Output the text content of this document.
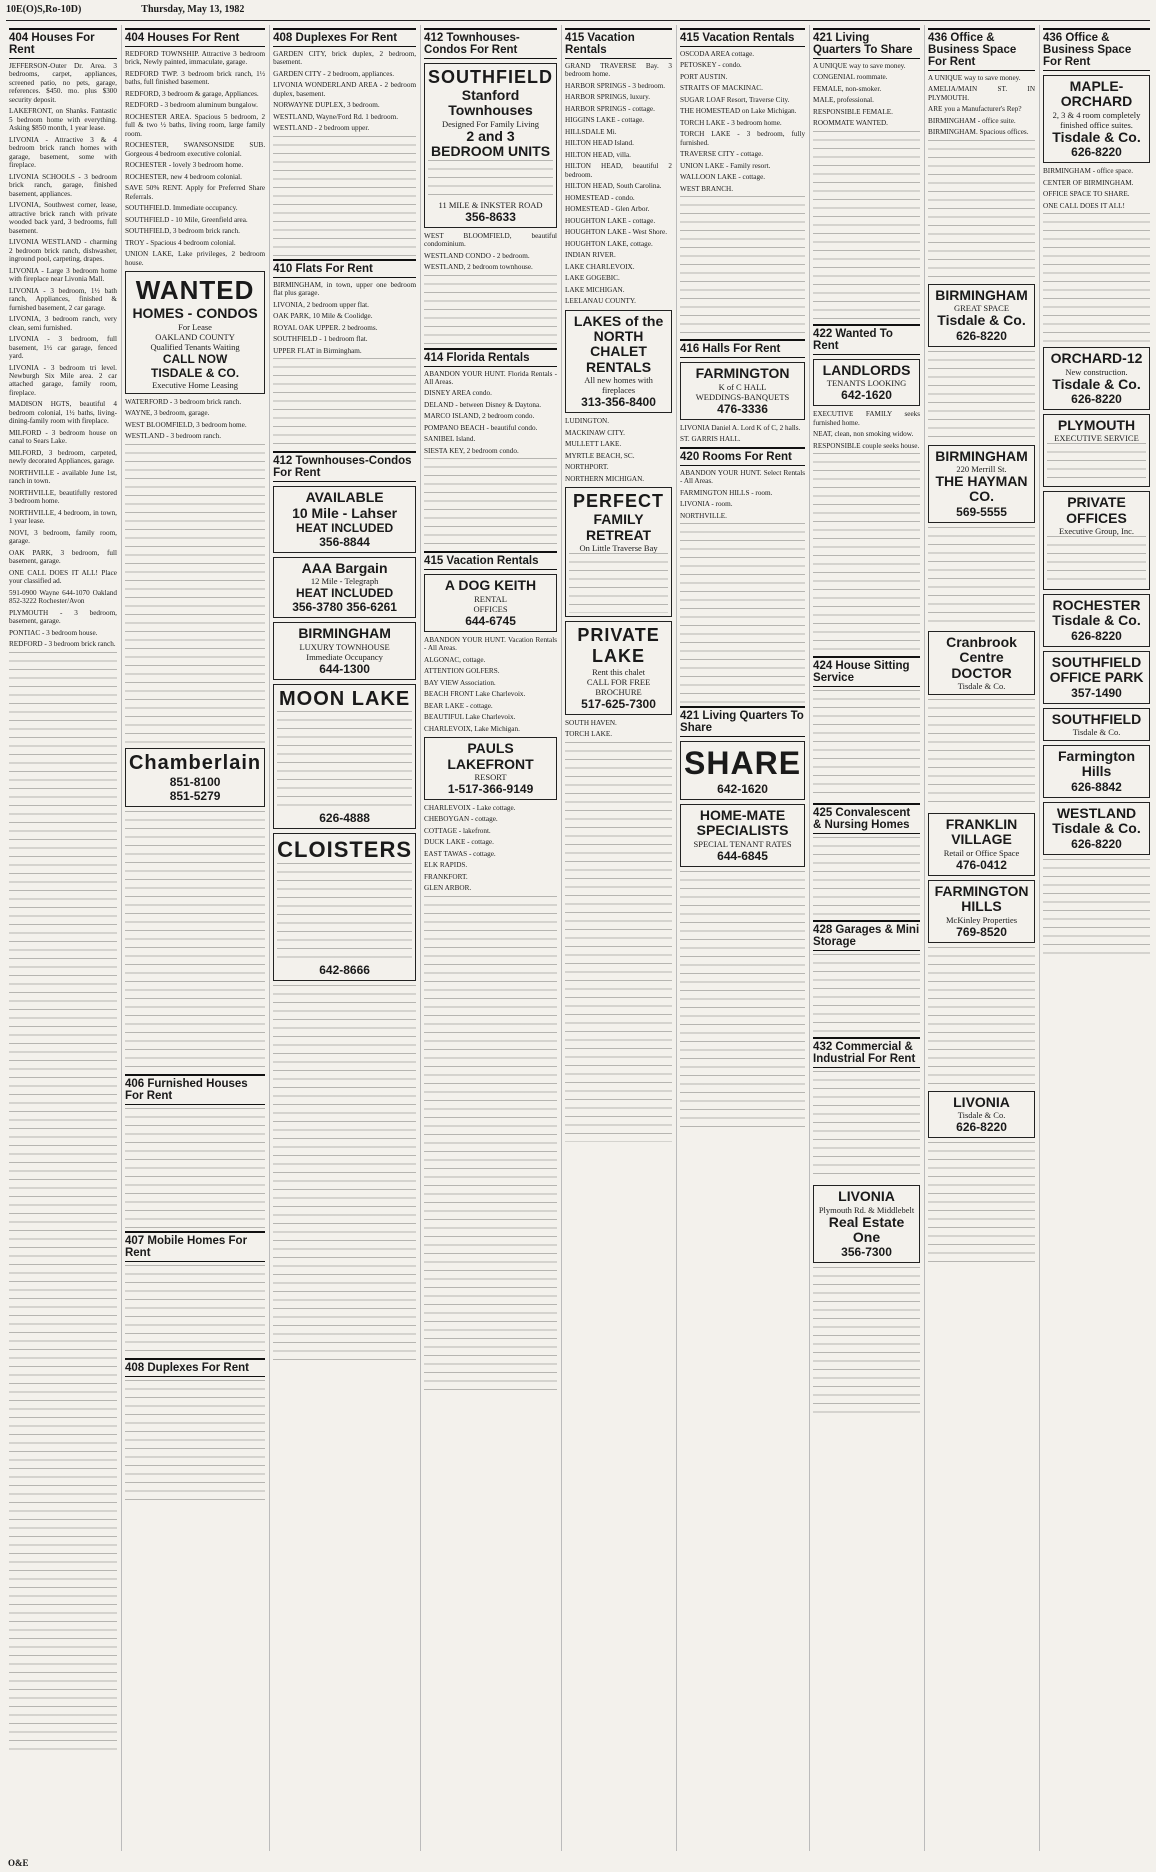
10E(O)S,Ro-10D)	Thursday, May 13, 1982
404 Houses For Rent

JEFFERSON-Outer Dr. Area. 3 bedrooms, carpet, appliances, screened patio, no pets, garage, references. $450. mo. plus $300 security deposit.

LAKEFRONT, on Shanks. Fantastic 5 bedroom home with everything. Asking $850 month, 1 year lease.

LIVONIA - Attractive 3 & 4 bedroom brick ranch homes with garage, basement, some with fireplace.

LIVONIA SCHOOLS - 3 bedroom brick ranch, garage, finished basement, appliances.

LIVONIA, Southwest corner, lease, attractive brick ranch with private wooded back yard, 3 bedrooms, full basement.

LIVONIA WESTLAND - charming 2 bedroom brick ranch, dishwasher, inground pool, carpeting, drapes.

LIVONIA - Large 3 bedroom home with fireplace near Livonia Mall.

LIVONIA - 3 bedroom, 1½ bath ranch, Appliances, finished & furnished basement, 2 car garage.

LIVONIA, 3 bedroom ranch, very clean, semi furnished.

LIVONIA - 3 bedroom, full basement, 1½ car garage, fenced yard.

LIVONIA - 3 bedroom tri level. Newburgh Six Mile area. 2 car attached garage, family room, fireplace.

MADISON HGTS, beautiful 4 bedroom colonial, 1½ baths, living-dining-family room with fireplace.

MILFORD - 3 bedroom house on canal to Sears Lake.

MILFORD, 3 bedroom, carpeted, newly decorated Appliances, garage.

NORTHVILLE - available June 1st, ranch in town.

NORTHVILLE, beautifully restored 3 bedroom home.

NORTHVILLE, 4 bedroom, in town, 1 year lease.

NOVI, 3 bedroom, family room, garage.

OAK PARK, 3 bedroom, full basement, garage.

ONE CALL DOES IT ALL! Place your classified ad.

591-0900 Wayne 644-1070 Oakland 852-3222 Rochester/Avon

PLYMOUTH - 3 bedroom, basement, garage.

PONTIAC - 3 bedroom house.

REDFORD - 3 bedroom brick ranch.

404 Houses For Rent

REDFORD TOWNSHIP. Attractive 3 bedroom brick, Newly painted, immaculate, garage.

REDFORD TWP. 3 bedroom brick ranch, 1½ baths, full finished basement.

REDFORD, 3 bedroom & garage, Appliances.

REDFORD - 3 bedroom aluminum bungalow.

ROCHESTER AREA. Spacious 5 bedroom, 2 full & two ½ baths, living room, large family room.

ROCHESTER, SWANSONSIDE SUB. Gorgeous 4 bedroom executive colonial.

ROCHESTER - lovely 3 bedroom home.

ROCHESTER, new 4 bedroom colonial.

SAVE 50% RENT. Apply for Preferred Share Referrals.

SOUTHFIELD. Immediate occupancy.

SOUTHFIELD - 10 Mile, Greenfield area.

SOUTHFIELD, 3 bedroom brick ranch.

TROY - Spacious 4 bedroom colonial.

UNION LAKE, Lake privileges, 2 bedroom house.

WANTED
HOMES - CONDOS
For Lease
OAKLAND COUNTY
Qualified Tenants Waiting
CALL NOW
TISDALE & CO.
Executive Home Leasing

WATERFORD - 3 bedroom brick ranch.

WAYNE, 3 bedroom, garage.

WEST BLOOMFIELD, 3 bedroom home.

WESTLAND - 3 bedroom ranch.

Chamberlain
851-8100
851-5279
406 Furnished Houses For Rent
407 Mobile Homes For Rent
408 Duplexes For Rent
408 Duplexes For Rent

GARDEN CITY, brick duplex, 2 bedroom, basement.

GARDEN CITY - 2 bedroom, appliances.

LIVONIA WONDERLAND AREA - 2 bedroom duplex, basement.

NORWAYNE DUPLEX, 3 bedroom.

WESTLAND, Wayne/Ford Rd. 1 bedroom.

WESTLAND - 2 bedroom upper.

410 Flats For Rent

BIRMINGHAM, in town, upper one bedroom flat plus garage.

LIVONIA, 2 bedroom upper flat.

OAK PARK, 10 Mile & Coolidge.

ROYAL OAK UPPER. 2 bedrooms.

SOUTHFIELD - 1 bedroom flat.

UPPER FLAT in Birmingham.

412 Townhouses-Condos For Rent
AVAILABLE
10 Mile - Lahser
HEAT INCLUDED
356-8844
AAA Bargain
12 Mile - Telegraph
HEAT INCLUDED
356-3780 356-6261
BIRMINGHAM
LUXURY TOWNHOUSE
Immediate Occupancy
644-1300
MOON LAKE
626-4888
CLOISTERS
642-8666
412 Townhouses-Condos For Rent
SOUTHFIELD
Stanford Townhouses
Designed For Family Living
2 and 3 BEDROOM UNITS
11 MILE & INKSTER ROAD
356-8633

WEST BLOOMFIELD, beautiful condominium.

WESTLAND CONDO - 2 bedroom.

WESTLAND, 2 bedroom townhouse.

414 Florida Rentals

ABANDON YOUR HUNT. Florida Rentals - All Areas.

DISNEY AREA condo.

DELAND - between Disney & Daytona.

MARCO ISLAND, 2 bedroom condo.

POMPANO BEACH - beautiful condo.

SANIBEL Island.

SIESTA KEY, 2 bedroom condo.

415 Vacation Rentals
A DOG KEITH
RENTAL
OFFICES
644-6745

ABANDON YOUR HUNT. Vacation Rentals - All Areas.

ALGONAC, cottage.

ATTENTION GOLFERS.

BAY VIEW Association.

BEACH FRONT Lake Charlevoix.

BEAR LAKE - cottage.

BEAUTIFUL Lake Charlevoix.

CHARLEVOIX, Lake Michigan.

PAULS LAKEFRONT
RESORT
1-517-366-9149

CHARLEVOIX - Lake cottage.

CHEBOYGAN - cottage.

COTTAGE - lakefront.

DUCK LAKE - cottage.

EAST TAWAS - cottage.

ELK RAPIDS.

FRANKFORT.

GLEN ARBOR.

415 Vacation Rentals

GRAND TRAVERSE Bay. 3 bedroom home.

HARBOR SPRINGS - 3 bedroom.

HARBOR SPRINGS, luxury.

HARBOR SPRINGS - cottage.

HIGGINS LAKE - cottage.

HILLSDALE Mi.

HILTON HEAD Island.

HILTON HEAD, villa.

HILTON HEAD, beautiful 2 bedroom.

HILTON HEAD, South Carolina.

HOMESTEAD - condo.

HOMESTEAD - Glen Arbor.

HOUGHTON LAKE - cottage.

HOUGHTON LAKE - West Shore.

HOUGHTON LAKE, cottage.

INDIAN RIVER.

LAKE CHARLEVOIX.

LAKE GOGEBIC.

LAKE MICHIGAN.

LEELANAU COUNTY.

LAKES of the NORTH
CHALET RENTALS
All new homes with fireplaces
313-356-8400

LUDINGTON.

MACKINAW CITY.

MULLETT LAKE.

MYRTLE BEACH, SC.

NORTHPORT.

NORTHERN MICHIGAN.

PERFECT
FAMILY RETREAT
On Little Traverse Bay
PRIVATE LAKE
Rent this chalet
CALL FOR FREE BROCHURE
517-625-7300

SOUTH HAVEN.

TORCH LAKE.

415 Vacation Rentals

OSCODA AREA cottage.

PETOSKEY - condo.

PORT AUSTIN.

STRAITS OF MACKINAC.

SUGAR LOAF Resort, Traverse City.

THE HOMESTEAD on Lake Michigan.

TORCH LAKE - 3 bedroom home.

TORCH LAKE - 3 bedroom, fully furnished.

TRAVERSE CITY - cottage.

UNION LAKE - Family resort.

WALLOON LAKE - cottage.

WEST BRANCH.

416 Halls For Rent
FARMINGTON
K of C HALL
WEDDINGS-BANQUETS
476-3336

LIVONIA Daniel A. Lord K of C, 2 halls.

ST. GARRIS HALL.

420 Rooms For Rent

ABANDON YOUR HUNT. Select Rentals - All Areas.

FARMINGTON HILLS - room.

LIVONIA - room.

NORTHVILLE.

421 Living Quarters To Share
SHARE
642-1620
HOME-MATE
SPECIALISTS
SPECIAL TENANT RATES
644-6845
421 Living Quarters To Share

A UNIQUE way to save money.

CONGENIAL roommate.

FEMALE, non-smoker.

MALE, professional.

RESPONSIBLE FEMALE.

ROOMMATE WANTED.

422 Wanted To Rent
LANDLORDS
TENANTS LOOKING
642-1620

EXECUTIVE FAMILY seeks furnished home.

NEAT, clean, non smoking widow.

RESPONSIBLE couple seeks house.

424 House Sitting Service
425 Convalescent & Nursing Homes
428 Garages & Mini Storage
432 Commercial & Industrial For Rent
LIVONIA
Plymouth Rd. & Middlebelt
Real Estate One
356-7300
436 Office & Business Space For Rent

A UNIQUE way to save money.

AMELIA/MAIN ST. IN PLYMOUTH.

ARE you a Manufacturer's Rep?

BIRMINGHAM - office suite.

BIRMINGHAM. Spacious offices.

BIRMINGHAM
GREAT SPACE
Tisdale & Co.
626-8220
BIRMINGHAM
220 Merrill St.
THE HAYMAN CO.
569-5555
Cranbrook Centre
DOCTOR
Tisdale & Co.
FRANKLIN VILLAGE
Retail or Office Space
476-0412
FARMINGTON HILLS
McKinley Properties
769-8520
LIVONIA
Tisdale & Co.
626-8220
436 Office & Business Space For Rent
MAPLE-ORCHARD
2, 3 & 4 room completely finished office suites.
Tisdale & Co.
626-8220

BIRMINGHAM - office space.

CENTER OF BIRMINGHAM.

OFFICE SPACE TO SHARE.

ONE CALL DOES IT ALL!

ORCHARD-12
New construction.
Tisdale & Co.
626-8220
PLYMOUTH
EXECUTIVE SERVICE
PRIVATE OFFICES
Executive Group, Inc.
ROCHESTER
Tisdale & Co.
626-8220
SOUTHFIELD
OFFICE PARK
357-1490
SOUTHFIELD
Tisdale & Co.
Farmington Hills
626-8842
WESTLAND
Tisdale & Co.
626-8220
O&E
